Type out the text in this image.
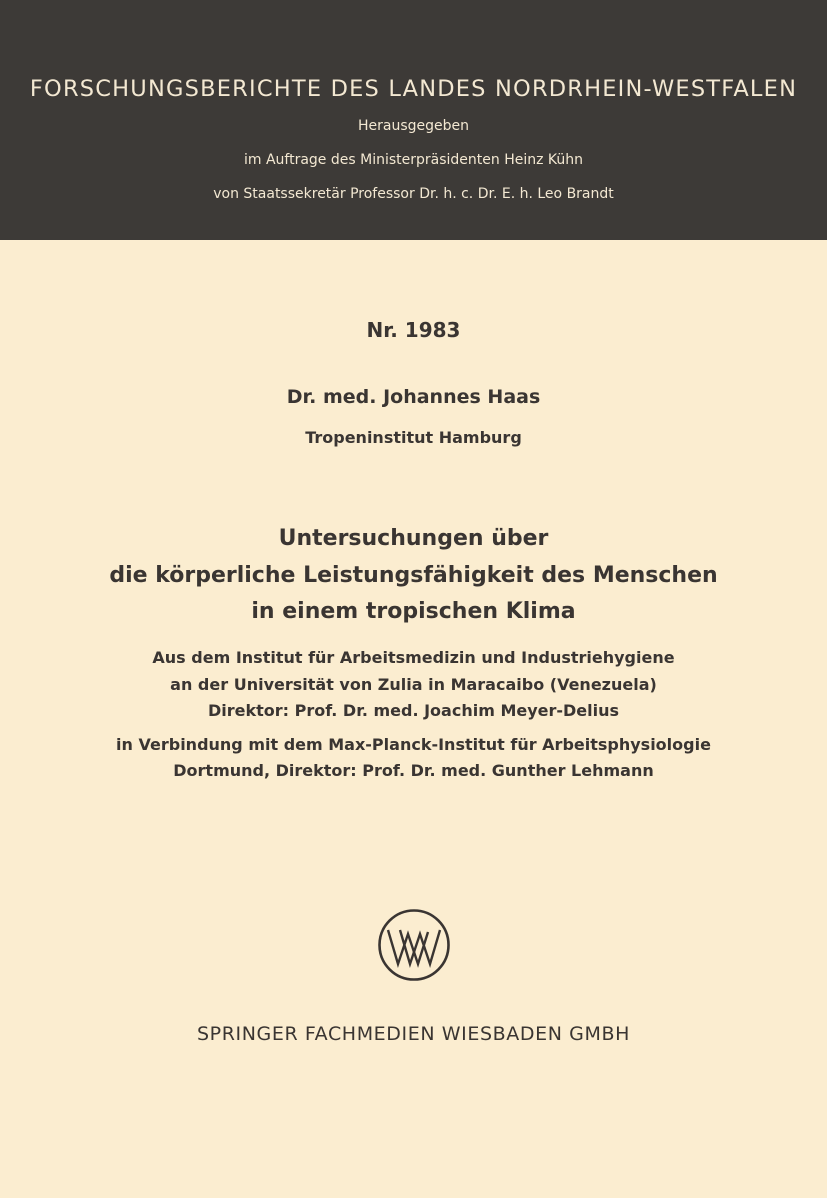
FORSCHUNGSBERICHTE DES LANDES NORDRHEIN-WESTFALEN
Herausgegeben
im Auftrage des Ministerpräsidenten Heinz Kühn
von Staatssekretär Professor Dr. h. c. Dr. E. h. Leo Brandt
Nr. 1983
Dr. med. Johannes Haas
Tropeninstitut Hamburg
Untersuchungen über
die körperliche Leistungsfähigkeit des Menschen
in einem tropischen Klima
Aus dem Institut für Arbeitsmedizin und Industriehygiene
an der Universität von Zulia in Maracaibo (Venezuela)
Direktor: Prof. Dr. med. Joachim Meyer-Delius
in Verbindung mit dem Max-Planck-Institut für Arbeitsphysiologie
Dortmund, Direktor: Prof. Dr. med. Gunther Lehmann
SPRINGER FACHMEDIEN WIESBADEN GMBH
